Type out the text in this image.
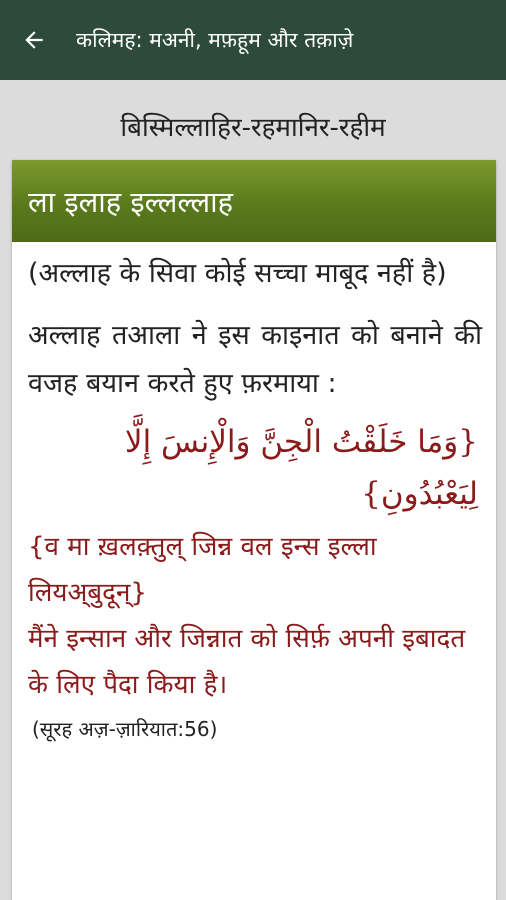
कलिमह: मअनी, मफ़हूम और तक़ाज़े
बिस्मिल्लाहिर-रहमानिर-रहीम
ला इलाह इल्लल्लाह
(अल्लाह के सिवा कोई सच्चा माबूद नहीं है)
अल्लाह तआला ने इस काइनात को बनाने की वजह बयान करते हुए फ़रमाया :
{وَمَا خَلَقْتُ الْجِنَّ وَالْإِنسَ إِلَّا لِيَعْبُدُونِ}
{व मा ख़लक़्तुल् जिन्न वल इन्स इल्ला लियअ्बुदून्}
मैंने इन्सान और जिन्नात को सिर्फ़ अपनी इबादत के लिए पैदा किया है।
(सूरह अज़-ज़ारियात:56)
